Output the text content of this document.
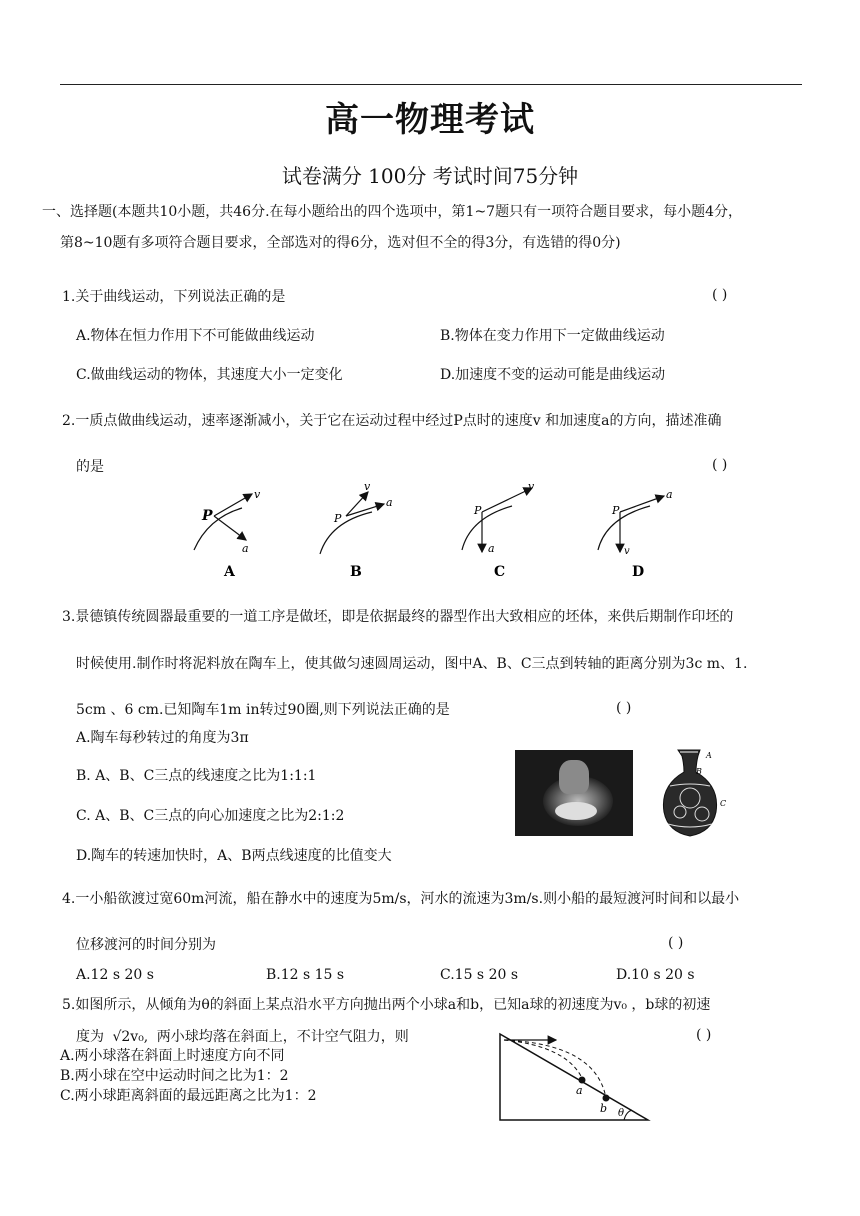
高一物理考试
试卷满分 100分 考试时间75分钟
一、选择题(本题共10小题，共46分.在每小题给出的四个选项中，第1~7题只有一项符合题目要求，每小题4分，
第8~10题有多项符合题目要求，全部选对的得6分，选对但不全的得3分，有选错的得0分)
1.关于曲线运动，下列说法正确的是	( )
A.物体在恒力作用下不可能做曲线运动	B.物体在变力作用下一定做曲线运动
C.做曲线运动的物体，其速度大小一定变化	D.加速度不变的运动可能是曲线运动
2.一质点做曲线运动，速率逐渐减小，关于它在运动过程中经过P点时的速度v 和加速度a的方向，描述准确
的是	( )
P
v
a
A
P
v
a
B
P
v
a
C
P
a
v
D
3.景德镇传统圆器最重要的一道工序是做坯，即是依据最终的器型作出大致相应的坯体，来供后期制作印坯的
时候使用.制作时将泥料放在陶车上，使其做匀速圆周运动，图中A、B、C三点到转轴的距离分别为3c m、1.
5cm 、6 cm.已知陶车1m in转过90圈,则下列说法正确的是	( )
A.陶车每秒转过的角度为3π
B. A、B、C三点的线速度之比为1:1:1
C. A、B、C三点的向心加速度之比为2:1:2
D.陶车的转速加快时，A、B两点线速度的比值变大
A
B
C
4.一小船欲渡过宽60m河流，船在静水中的速度为5m/s，河水的流速为3m/s.则小船的最短渡河时间和以最小
位移渡河的时间分别为	( )
A.12 s 20 s	B.12 s 15 s	C.15 s 20 s	D.10 s 20 s
5.如图所示，从倾角为θ的斜面上某点沿水平方向抛出两个小球a和b，已知a球的初速度为v₀ ，b球的初速
度为 √2v₀, 两小球均落在斜面上，不计空气阻力，则	( )
A.两小球落在斜面上时速度方向不同
B.两小球在空中运动时间之比为1：2
C.两小球距离斜面的最远距离之比为1：2	a
b θ
